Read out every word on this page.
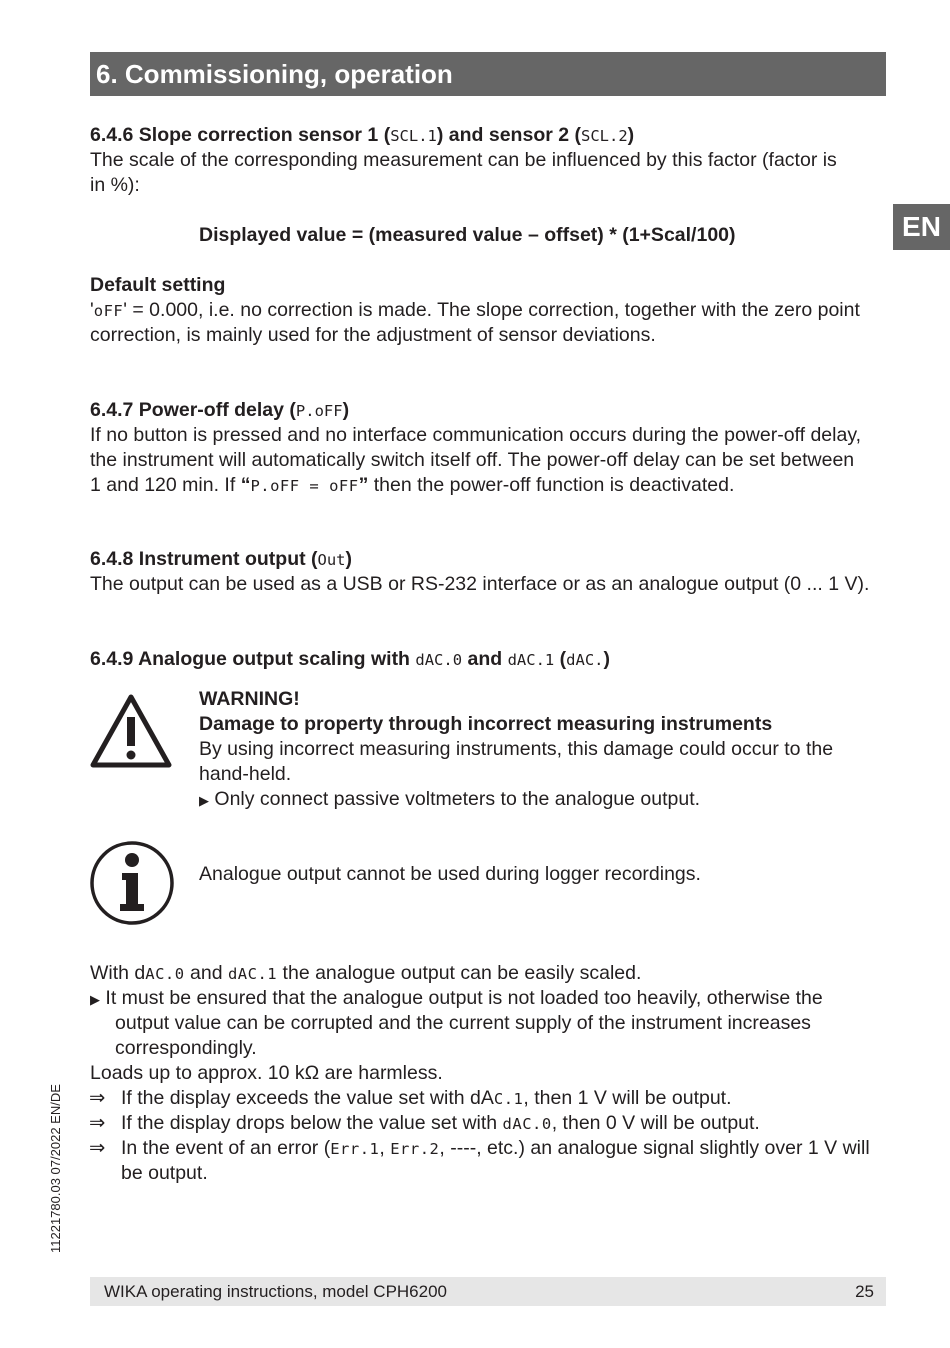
6. Commissioning, operation
EN
6.4.6 Slope correction sensor 1 (SCL.1) and sensor 2 (SCL.2)
The scale of the corresponding measurement can be influenced by this factor (factor is
in %):
Displayed value = (measured value – offset) * (1+Scal/100)
Default setting
'oFF' = 0.000, i.e. no correction is made. The slope correction, together with the zero point
correction, is mainly used for the adjustment of sensor deviations.
6.4.7 Power-off delay (P.oFF)
If no button is pressed and no interface communication occurs during the power-off delay,
the instrument will automatically switch itself off. The power-off delay can be set between
1 and 120 min. If “P.oFF = oFF” then the power-off function is deactivated.
6.4.8 Instrument output (Out)
The output can be used as a USB or RS-232 interface or as an analogue output (0 ... 1 V).
6.4.9 Analogue output scaling with dAC.0 and dAC.1 (dAC.)
WARNING!
Damage to property through incorrect measuring instruments
By using incorrect measuring instruments, this damage could occur to the
hand-held.
▶ Only connect passive voltmeters to the analogue output.
Analogue output cannot be used during logger recordings.
With dAC.0 and dAC.1 the analogue output can be easily scaled.
▶ It must be ensured that the analogue output is not loaded too heavily, otherwise the
output value can be corrupted and the current supply of the instrument increases
correspondingly.
Loads up to approx. 10 kΩ are harmless.
⇒ If the display exceeds the value set with dAC.1, then 1 V will be output.
⇒ If the display drops below the value set with dAC.0, then 0 V will be output.
⇒ In the event of an error (Err.1, Err.2, ----, etc.) an analogue signal slightly over 1 V will
be output.
11221780.03 07/2022 EN/DE
WIKA operating instructions, model CPH6200	25
